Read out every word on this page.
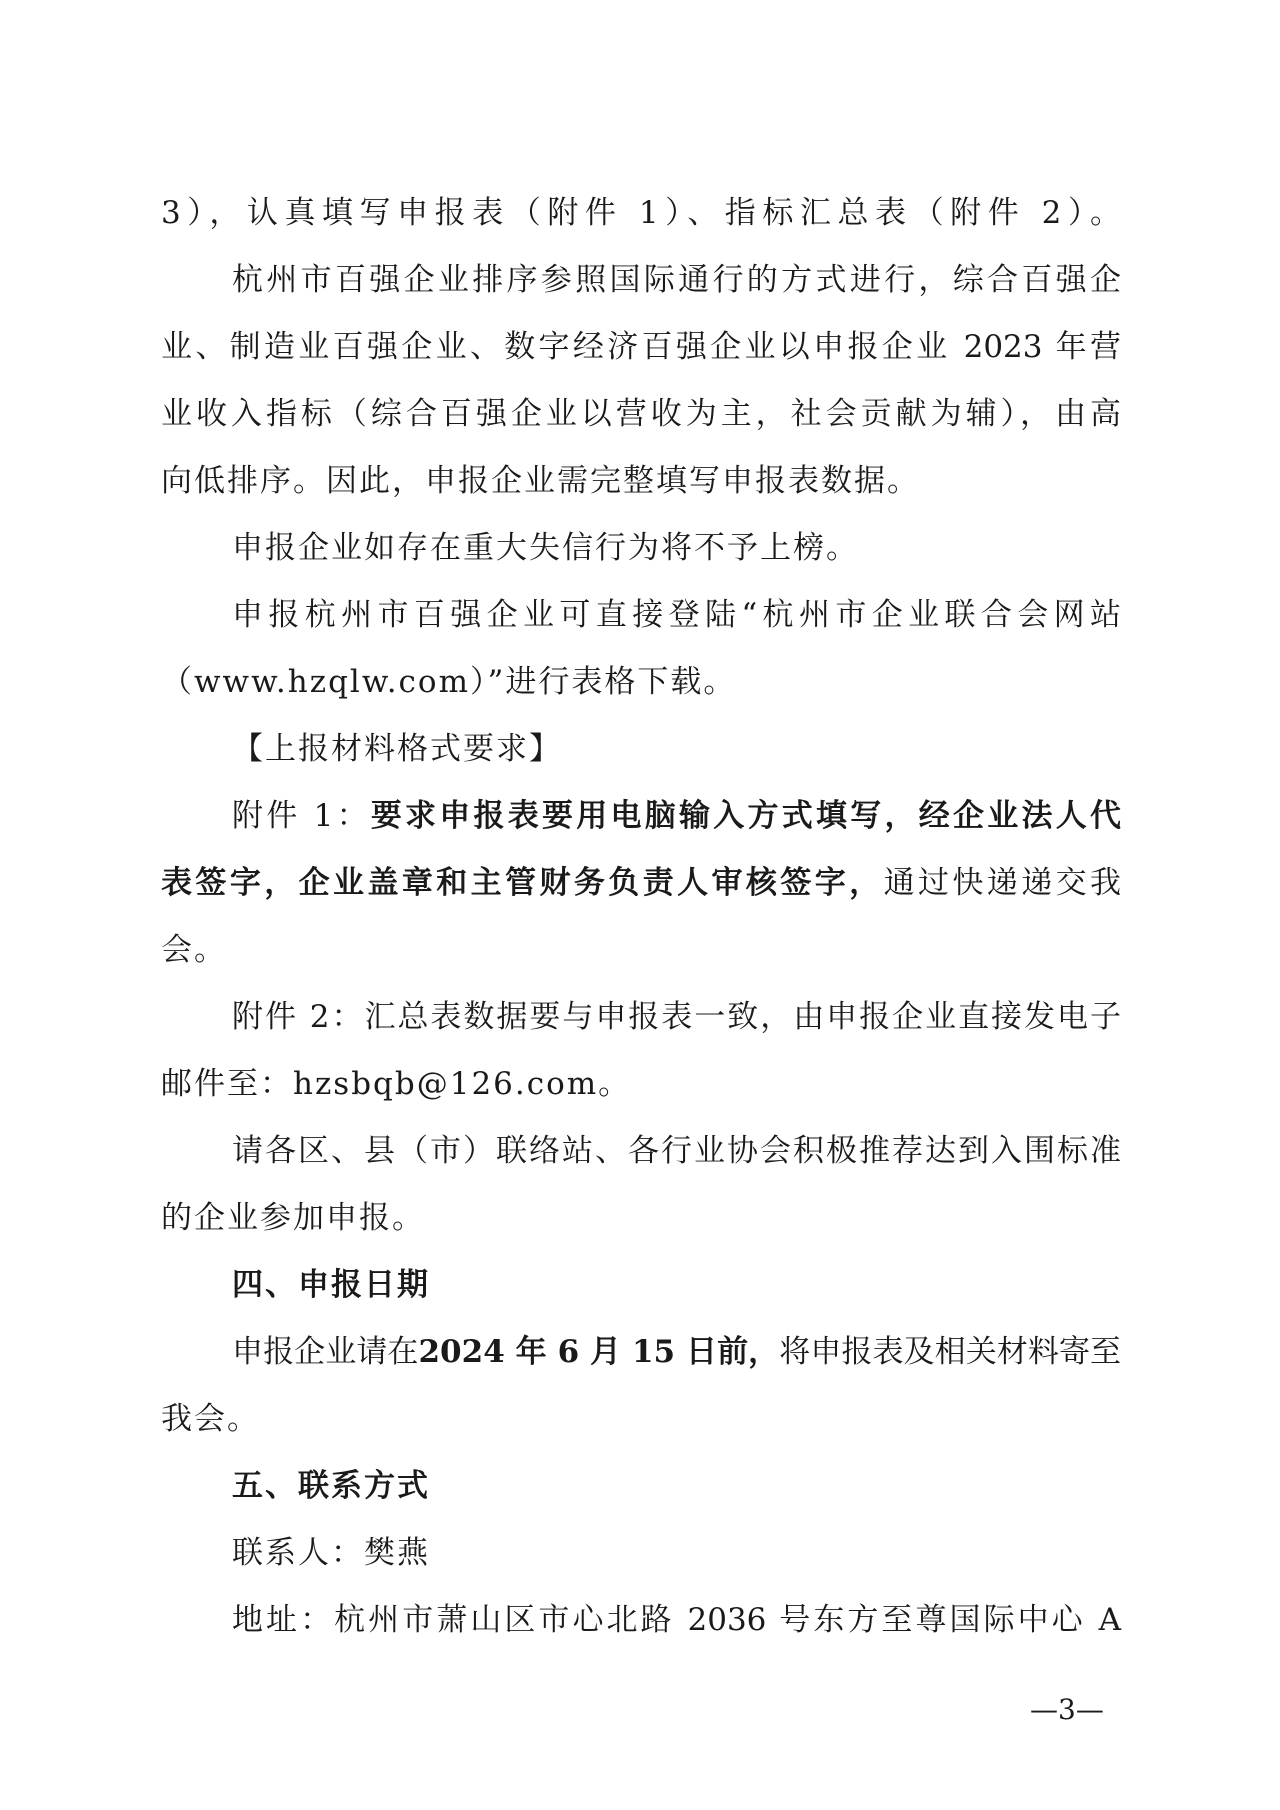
3），认真填写申报表（附件 1）、指标汇总表（附件 2）。
杭州市百强企业排序参照国际通行的方式进行，综合百强企
业、制造业百强企业、数字经济百强企业以申报企业 2023 年营
业收入指标（综合百强企业以营收为主，社会贡献为辅），由高
向低排序。因此，申报企业需完整填写申报表数据。
申报企业如存在重大失信行为将不予上榜。
申报杭州市百强企业可直接登陆“杭州市企业联合会网站
（www.hzqlw.com）”进行表格下载。
【上报材料格式要求】
附件 1：要求申报表要用电脑输入方式填写，经企业法人代
表签字，企业盖章和主管财务负责人审核签字，通过快递递交我
会。
附件 2：汇总表数据要与申报表一致，由申报企业直接发电子
邮件至：hzsbqb@126.com。
请各区、县（市）联络站、各行业协会积极推荐达到入围标准
的企业参加申报。
四、申报日期
申报企业请在2024 年 6 月 15 日前，将申报表及相关材料寄至
我会。
五、联系方式
联系人：樊燕
地址：杭州市萧山区市心北路 2036 号东方至尊国际中心 A
—3—
